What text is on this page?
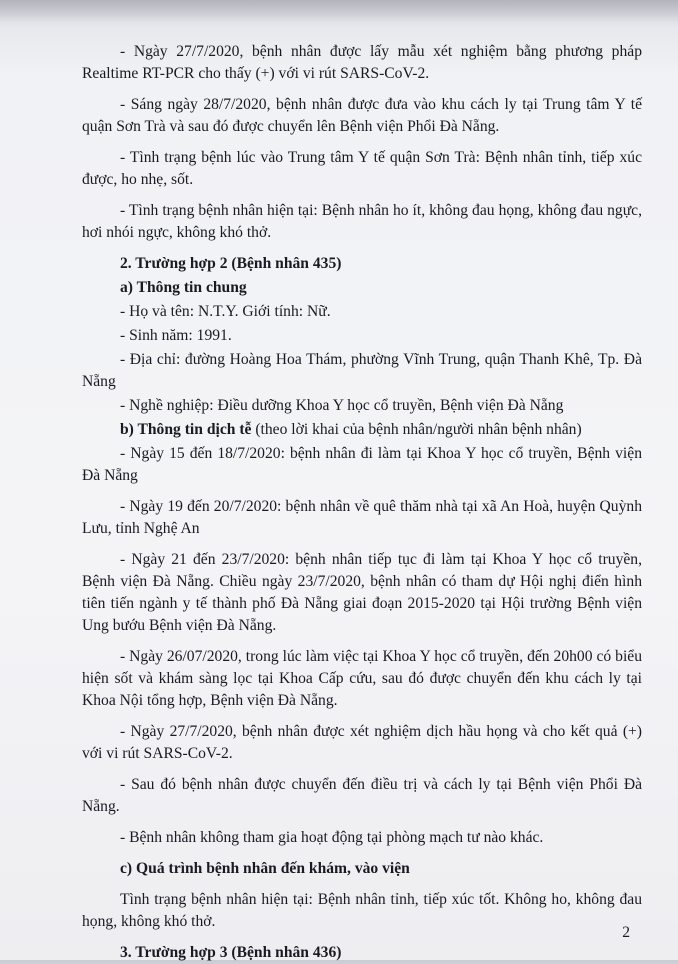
- Ngày 27/7/2020, bệnh nhân được lấy mẫu xét nghiệm bằng phương pháp Realtime RT-PCR cho thấy (+) với vi rút SARS-CoV-2.

- Sáng ngày 28/7/2020, bệnh nhân được đưa vào khu cách ly tại Trung tâm Y tế quận Sơn Trà và sau đó được chuyển lên Bệnh viện Phổi Đà Nẵng.

- Tình trạng bệnh lúc vào Trung tâm Y tế quận Sơn Trà: Bệnh nhân tỉnh, tiếp xúc được, ho nhẹ, sốt.

- Tình trạng bệnh nhân hiện tại: Bệnh nhân ho ít, không đau họng, không đau ngực, hơi nhói ngực, không khó thở.

2. Trường hợp 2 (Bệnh nhân 435)

a) Thông tin chung

- Họ và tên: N.T.Y. Giới tính: Nữ.

- Sinh năm: 1991.

- Địa chỉ: đường Hoàng Hoa Thám, phường Vĩnh Trung, quận Thanh Khê, Tp. Đà Nẵng

- Nghề nghiệp: Điều dưỡng Khoa Y học cổ truyền, Bệnh viện Đà Nẵng

b) Thông tin dịch tễ (theo lời khai của bệnh nhân/người nhân bệnh nhân)

- Ngày 15 đến 18/7/2020: bệnh nhân đi làm tại Khoa Y học cổ truyền, Bệnh viện Đà Nẵng

- Ngày 19 đến 20/7/2020: bệnh nhân về quê thăm nhà tại xã An Hoà, huyện Quỳnh Lưu, tỉnh Nghệ An

- Ngày 21 đến 23/7/2020: bệnh nhân tiếp tục đi làm tại Khoa Y học cổ truyền, Bệnh viện Đà Nẵng. Chiều ngày 23/7/2020, bệnh nhân có tham dự Hội nghị điển hình tiên tiến ngành y tế thành phố Đà Nẵng giai đoạn 2015-2020 tại Hội trường Bệnh viện Ung bướu Bệnh viện Đà Nẵng.

- Ngày 26/07/2020, trong lúc làm việc tại Khoa Y học cổ truyền, đến 20h00 có biểu hiện sốt và khám sàng lọc tại Khoa Cấp cứu, sau đó được chuyển đến khu cách ly tại Khoa Nội tổng hợp, Bệnh viện Đà Nẵng.

- Ngày 27/7/2020, bệnh nhân được xét nghiệm dịch hầu họng và cho kết quả (+) với vi rút SARS-CoV-2.

- Sau đó bệnh nhân được chuyển đến điều trị và cách ly tại Bệnh viện Phổi Đà Nẵng.

- Bệnh nhân không tham gia hoạt động tại phòng mạch tư nào khác.

c) Quá trình bệnh nhân đến khám, vào viện

Tình trạng bệnh nhân hiện tại: Bệnh nhân tỉnh, tiếp xúc tốt. Không ho, không đau họng, không khó thở.

3. Trường hợp 3 (Bệnh nhân 436)

2
